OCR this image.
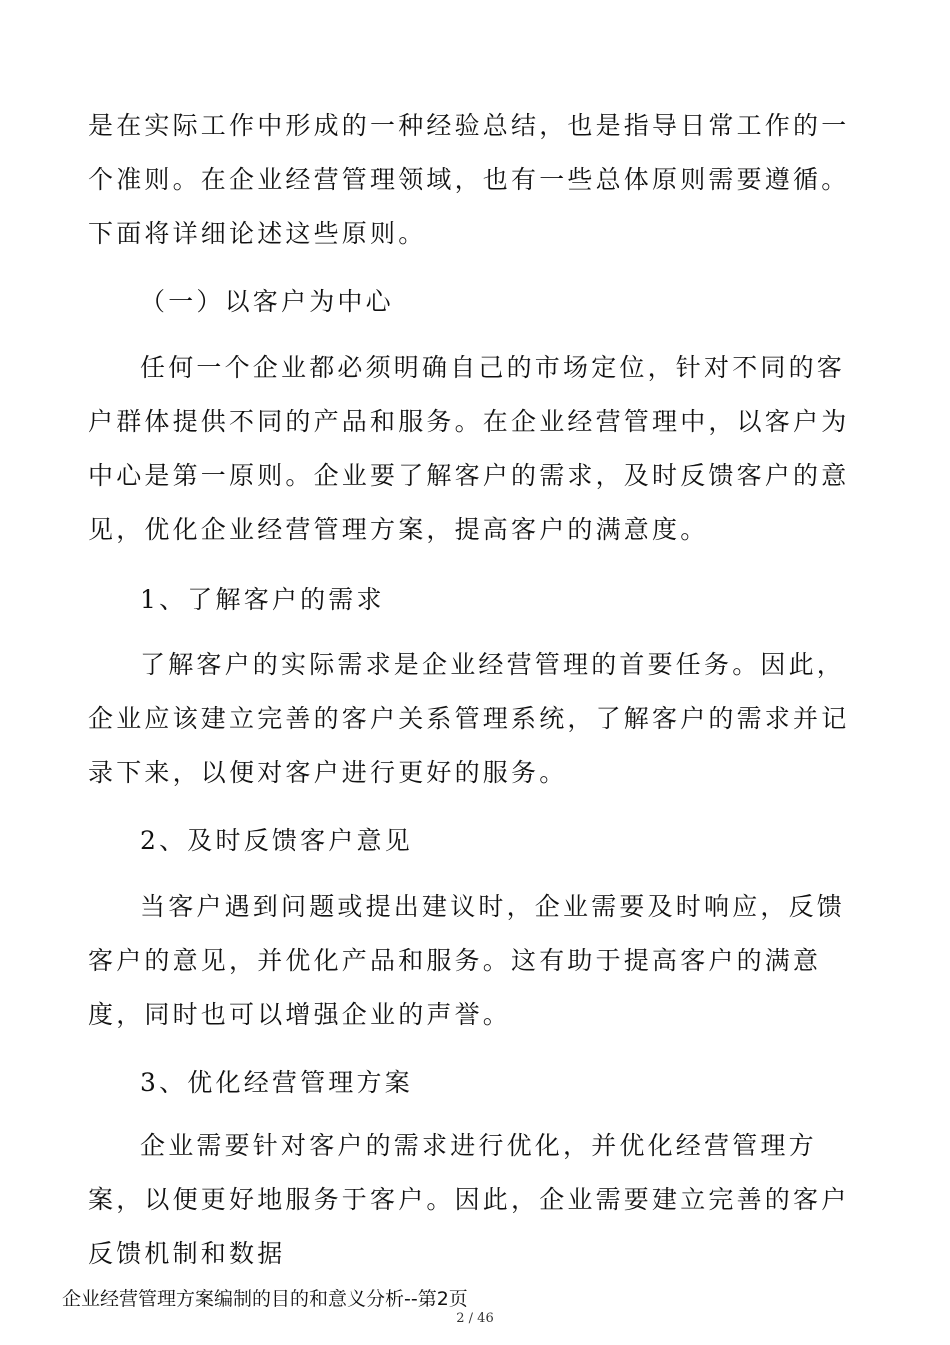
是在实际工作中形成的一种经验总结，也是指导日常工作的一个准则。在企业经营管理领域，也有一些总体原则需要遵循。下面将详细论述这些原则。

（一）以客户为中心

任何一个企业都必须明确自己的市场定位，针对不同的客户群体提供不同的产品和服务。在企业经营管理中，以客户为中心是第一原则。企业要了解客户的需求，及时反馈客户的意见，优化企业经营管理方案，提高客户的满意度。

1、了解客户的需求

了解客户的实际需求是企业经营管理的首要任务。因此，企业应该建立完善的客户关系管理系统，了解客户的需求并记录下来，以便对客户进行更好的服务。

2、及时反馈客户意见

当客户遇到问题或提出建议时，企业需要及时响应，反馈客户的意见，并优化产品和服务。这有助于提高客户的满意度，同时也可以增强企业的声誉。

3、优化经营管理方案

企业需要针对客户的需求进行优化，并优化经营管理方案，以便更好地服务于客户。因此，企业需要建立完善的客户反馈机制和数据

企业经营管理方案编制的目的和意义分析--第2页

2 / 46
